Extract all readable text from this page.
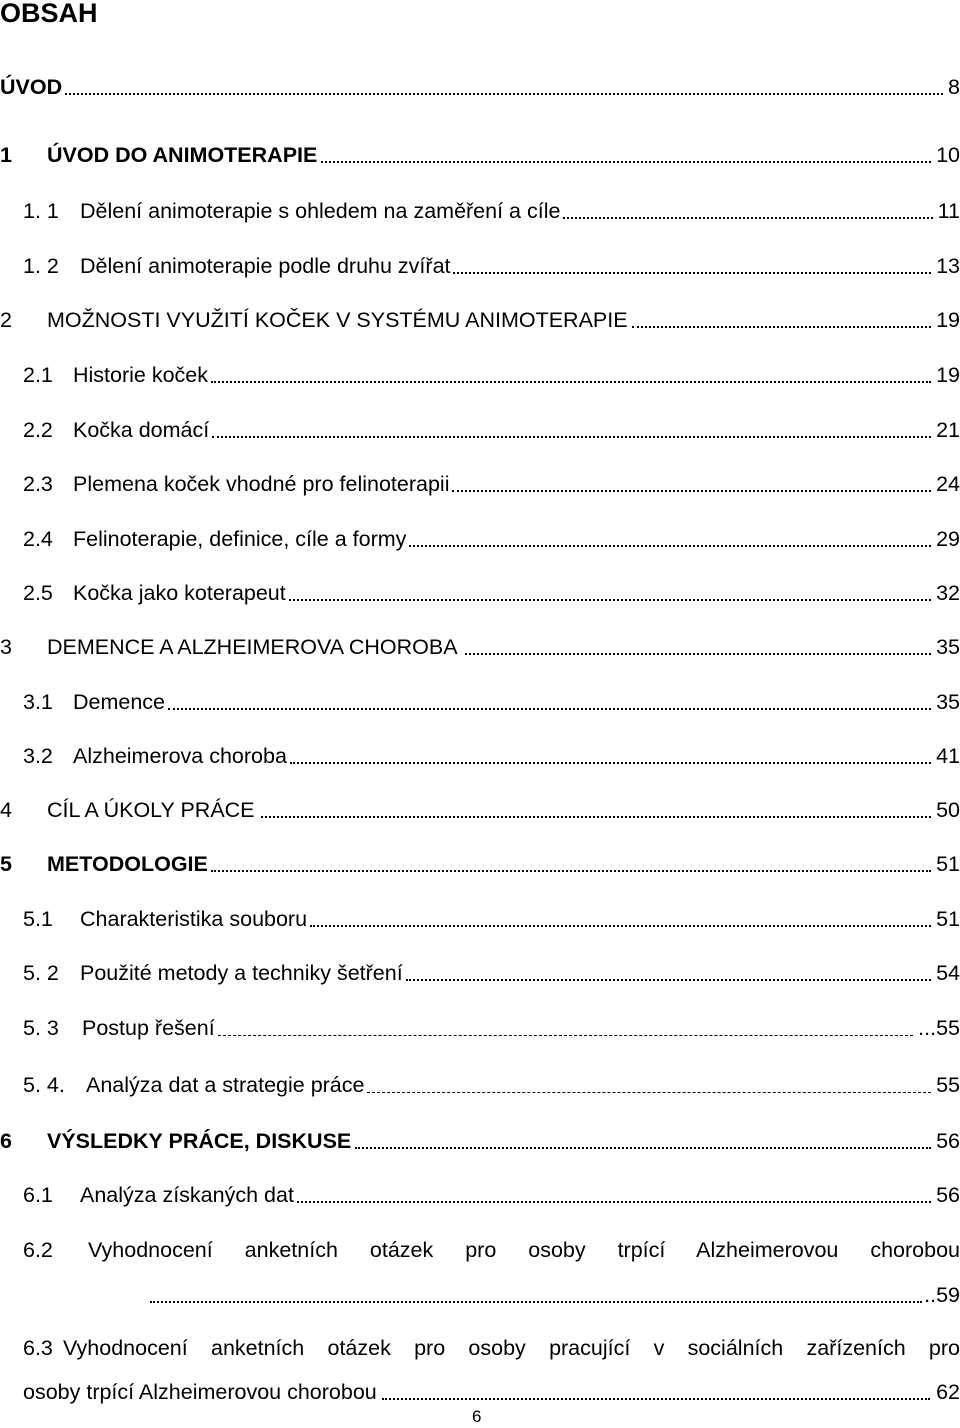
OBSAH
ÚVOD	8
1 ÚVOD DO ANIMOTERAPIE	10
1. 1 Dělení animoterapie s ohledem na zaměření a cíle	11
1. 2 Dělení animoterapie podle druhu zvířat	13
2 MOŽNOSTI VYUŽITÍ KOČEK V SYSTÉMU ANIMOTERAPIE	19
2.1 Historie koček	19
2.2 Kočka domácí	21
2.3 Plemena koček vhodné pro felinoterapii	24
2.4 Felinoterapie, definice, cíle a formy	29
2.5 Kočka jako koterapeut	32
3 DEMENCE A ALZHEIMEROVA CHOROBA	35
3.1 Demence	35
3.2 Alzheimerova choroba	41
4 CÍL A ÚKOLY PRÁCE	50
5 METODOLOGIE	51
5.1 Charakteristika souboru	51
5. 2 Použité metody a techniky šetření	54
5. 3 Postup řešení	...55
5. 4. Analýza dat a strategie práce	55
6 VÝSLEDKY PRÁCE, DISKUSE	56
6.1 Analýza získaných dat	56
6.2 Vyhodnocení anketních otázek pro osoby trpící Alzheimerovou chorobou
..59
6.3 Vyhodnocení anketních otázek pro osoby pracující v sociálních zařízeních pro
osoby trpící Alzheimerovou chorobou	62
6
